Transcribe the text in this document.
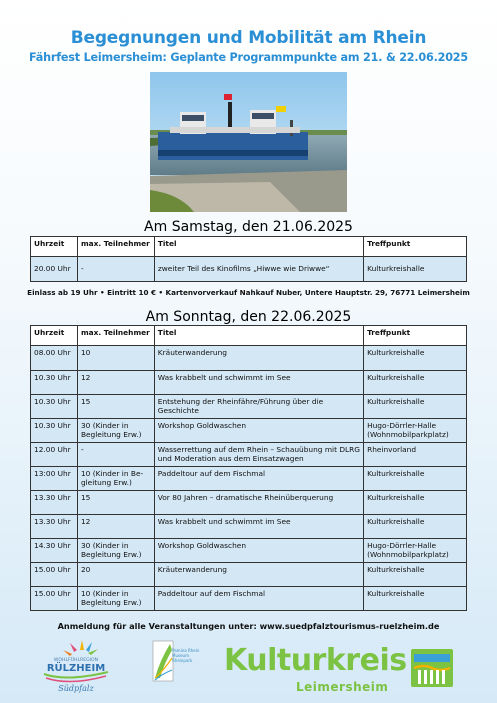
Begegnungen und Mobilität am Rhein
Fährfest Leimersheim: Geplante Programmpunkte am 21. & 22.06.2025
Am Samstag, den 21.06.2025
Uhrzeit	max. Teilnehmer	Titel	Treffpunkt
20.00 Uhr	-	zweiter Teil des Kinofilms „Hiwwe wie Driwwe“	Kulturkreishalle
Einlass ab 19 Uhr • Eintritt 10 € • Kartenvorverkauf Nahkauf Nuber, Untere Hauptstr. 29, 76771 Leimersheim
Am Sonntag, den 22.06.2025
Uhrzeit	max. Teilnehmer	Titel	Treffpunkt
08.00 Uhr	10	Kräuterwanderung	Kulturkreishalle
10.30 Uhr	12	Was krabbelt und schwimmt im See	Kulturkreishalle
10.30 Uhr	15	Entstehung der Rheinfähre/Führung über die Geschichte	Kulturkreishalle
10.30 Uhr	30 (Kinder in Begleitung Erw.)	Workshop Goldwaschen	Hugo-Dörrler-Halle (Wohnmobilparkplatz)
12.00 Uhr	-	Wasserrettung auf dem Rhein – Schauübung mit DLRG und Moderation aus dem Einsatzwagen	Rheinvorland
13:00 Uhr	10 (Kinder in Be-gleitung Erw.)	Paddeltour auf dem Fischmal	Kulturkreishalle
13.30 Uhr	15	Vor 80 Jahren – dramatische Rheinüberquerung	Kulturkreishalle
13.30 Uhr	12	Was krabbelt und schwimmt im See	Kulturkreishalle
14.30 Uhr	30 (Kinder in Begleitung Erw.)	Workshop Goldwaschen	Hugo-Dörrler-Halle (Wohnmobilparkplatz)
15.00 Uhr	20	Kräuterwanderung	Kulturkreishalle
15.00 Uhr	10 (Kinder in Begleitung Erw.)	Paddeltour auf dem Fischmal	Kulturkreishalle
Anmeldung für alle Veranstaltungen unter: www.suedpfalztourismus-ruelzheim.de
WOHLFÜHLREGION
RÜLZHEIM
Südpfalz
Pamina Rhein Museum Rheinpark	Kulturkreis
Leimersheim
